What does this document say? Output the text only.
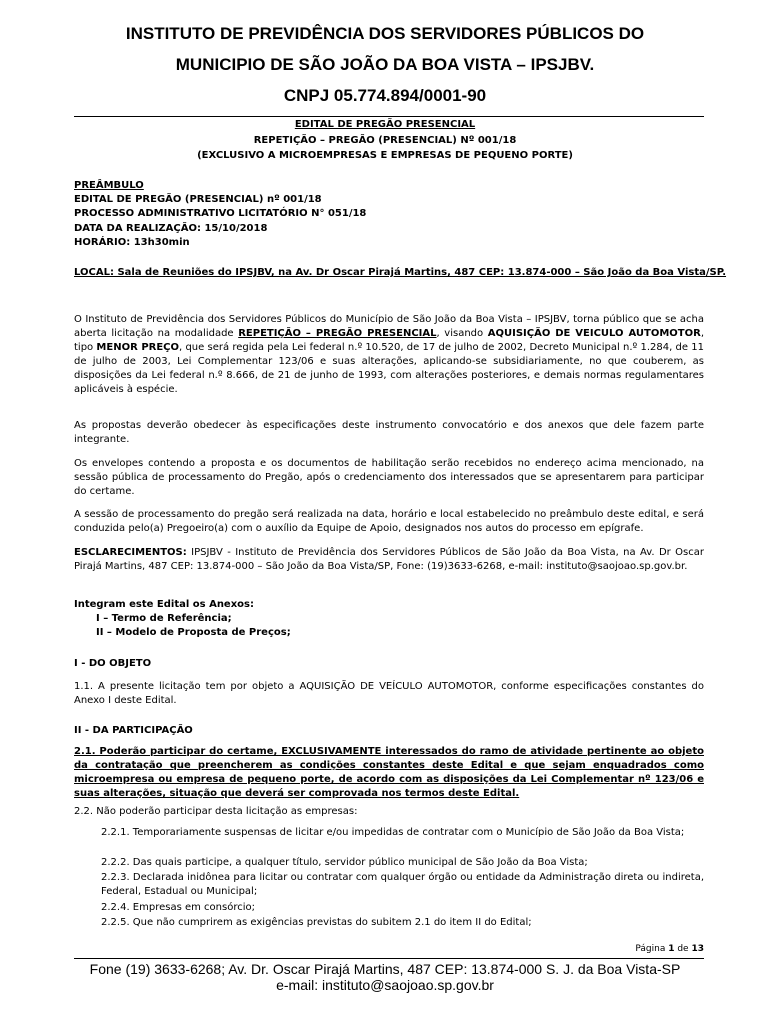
INSTITUTO DE PREVIDÊNCIA DOS SERVIDORES PÚBLICOS DO
MUNICIPIO DE SÃO JOÃO DA BOA VISTA – IPSJBV.
CNPJ 05.774.894/0001-90
EDITAL DE PREGÃO PRESENCIAL
REPETIÇÃO – PREGÃO (PRESENCIAL) Nº 001/18
(EXCLUSIVO A MICROEMPRESAS E EMPRESAS DE PEQUENO PORTE)
PREÂMBULO
EDITAL DE PREGÃO (PRESENCIAL) nº 001/18
PROCESSO ADMINISTRATIVO LICITATÓRIO N° 051/18
DATA DA REALIZAÇÃO: 15/10/2018
HORÁRIO: 13h30min
LOCAL: Sala de Reuniões do IPSJBV, na Av. Dr Oscar Pirajá Martins, 487 CEP: 13.874-000 – São João da Boa Vista/SP.
O Instituto de Previdência dos Servidores Públicos do Município de São João da Boa Vista – IPSJBV, torna público que se acha aberta licitação na modalidade REPETIÇÃO – PREGÃO PRESENCIAL, visando AQUISIÇÃO DE VEICULO AUTOMOTOR, tipo MENOR PREÇO, que será regida pela Lei federal n.º 10.520, de 17 de julho de 2002, Decreto Municipal n.º 1.284, de 11 de julho de 2003, Lei Complementar 123/06 e suas alterações, aplicando-se subsidiariamente, no que couberem, as disposições da Lei federal n.º 8.666, de 21 de junho de 1993, com alterações posteriores, e demais normas regulamentares aplicáveis à espécie.
As propostas deverão obedecer às especificações deste instrumento convocatório e dos anexos que dele fazem parte integrante.
Os envelopes contendo a proposta e os documentos de habilitação serão recebidos no endereço acima mencionado, na sessão pública de processamento do Pregão, após o credenciamento dos interessados que se apresentarem para participar do certame.
A sessão de processamento do pregão será realizada na data, horário e local estabelecido no preâmbulo deste edital, e será conduzida pelo(a) Pregoeiro(a) com o auxílio da Equipe de Apoio, designados nos autos do processo em epígrafe.
ESCLARECIMENTOS: IPSJBV - Instituto de Previdência dos Servidores Públicos de São João da Boa Vista, na Av. Dr Oscar Pirajá Martins, 487 CEP: 13.874-000 – São João da Boa Vista/SP, Fone: (19)3633-6268, e-mail: instituto@saojoao.sp.gov.br.
Integram este Edital os Anexos:
I – Termo de Referência;
II – Modelo de Proposta de Preços;
I - DO OBJETO
1.1. A presente licitação tem por objeto a AQUISIÇÃO DE VEÍCULO AUTOMOTOR, conforme especificações constantes do Anexo I deste Edital.
II - DA PARTICIPAÇÃO
2.1. Poderão participar do certame, EXCLUSIVAMENTE interessados do ramo de atividade pertinente ao objeto da contratação que preencherem as condições constantes deste Edital e que sejam enquadrados como microempresa ou empresa de pequeno porte, de acordo com as disposições da Lei Complementar nº 123/06 e suas alterações, situação que deverá ser comprovada nos termos deste Edital.
2.2. Não poderão participar desta licitação as empresas:
2.2.1. Temporariamente suspensas de licitar e/ou impedidas de contratar com o Município de São João da Boa Vista;
2.2.2. Das quais participe, a qualquer título, servidor público municipal de São João da Boa Vista;
2.2.3. Declarada inidônea para licitar ou contratar com qualquer órgão ou entidade da Administração direta ou indireta, Federal, Estadual ou Municipal;
2.2.4. Empresas em consórcio;
2.2.5. Que não cumprirem as exigências previstas do subitem 2.1 do item II do Edital;
Página 1 de 13
Fone (19) 3633-6268; Av. Dr. Oscar Pirajá Martins, 487 CEP: 13.874-000 S. J. da Boa Vista-SP
e-mail: instituto@saojoao.sp.gov.br
